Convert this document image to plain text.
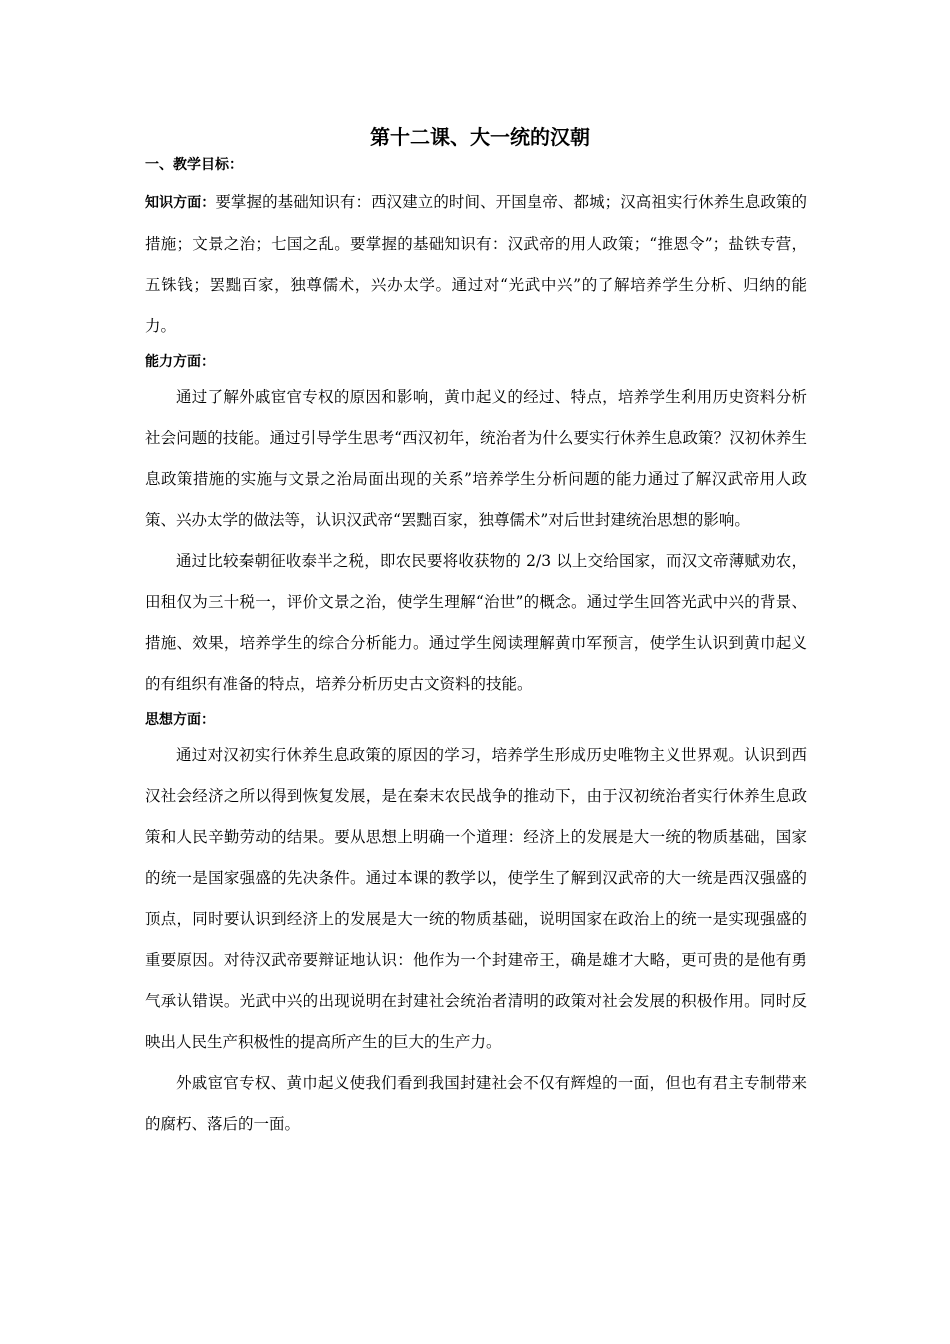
第十二课、大一统的汉朝

一、教学目标：

知识方面：要掌握的基础知识有：西汉建立的时间、开国皇帝、都城；汉高祖实行休养生息政策的措施；文景之治；七国之乱。要掌握的基础知识有：汉武帝的用人政策；“推恩令”；盐铁专营，五铢钱；罢黜百家，独尊儒术，兴办太学。通过对“光武中兴”的了解培养学生分析、归纳的能力。

能力方面：

通过了解外戚宦官专权的原因和影响，黄巾起义的经过、特点，培养学生利用历史资料分析社会问题的技能。通过引导学生思考“西汉初年，统治者为什么要实行休养生息政策？汉初休养生息政策措施的实施与文景之治局面出现的关系”培养学生分析问题的能力通过了解汉武帝用人政策、兴办太学的做法等，认识汉武帝“罢黜百家，独尊儒术”对后世封建统治思想的影响。

通过比较秦朝征收泰半之税，即农民要将收获物的 2/3 以上交给国家，而汉文帝薄赋劝农，田租仅为三十税一，评价文景之治，使学生理解“治世”的概念。通过学生回答光武中兴的背景、措施、效果，培养学生的综合分析能力。通过学生阅读理解黄巾军预言，使学生认识到黄巾起义的有组织有准备的特点，培养分析历史古文资料的技能。

思想方面：

通过对汉初实行休养生息政策的原因的学习，培养学生形成历史唯物主义世界观。认识到西汉社会经济之所以得到恢复发展，是在秦末农民战争的推动下，由于汉初统治者实行休养生息政策和人民辛勤劳动的结果。要从思想上明确一个道理：经济上的发展是大一统的物质基础，国家的统一是国家强盛的先决条件。通过本课的教学以，使学生了解到汉武帝的大一统是西汉强盛的顶点，同时要认识到经济上的发展是大一统的物质基础，说明国家在政治上的统一是实现强盛的重要原因。对待汉武帝要辩证地认识：他作为一个封建帝王，确是雄才大略，更可贵的是他有勇气承认错误。光武中兴的出现说明在封建社会统治者清明的政策对社会发展的积极作用。同时反映出人民生产积极性的提高所产生的巨大的生产力。

外戚宦官专权、黄巾起义使我们看到我国封建社会不仅有辉煌的一面，但也有君主专制带来的腐朽、落后的一面。
